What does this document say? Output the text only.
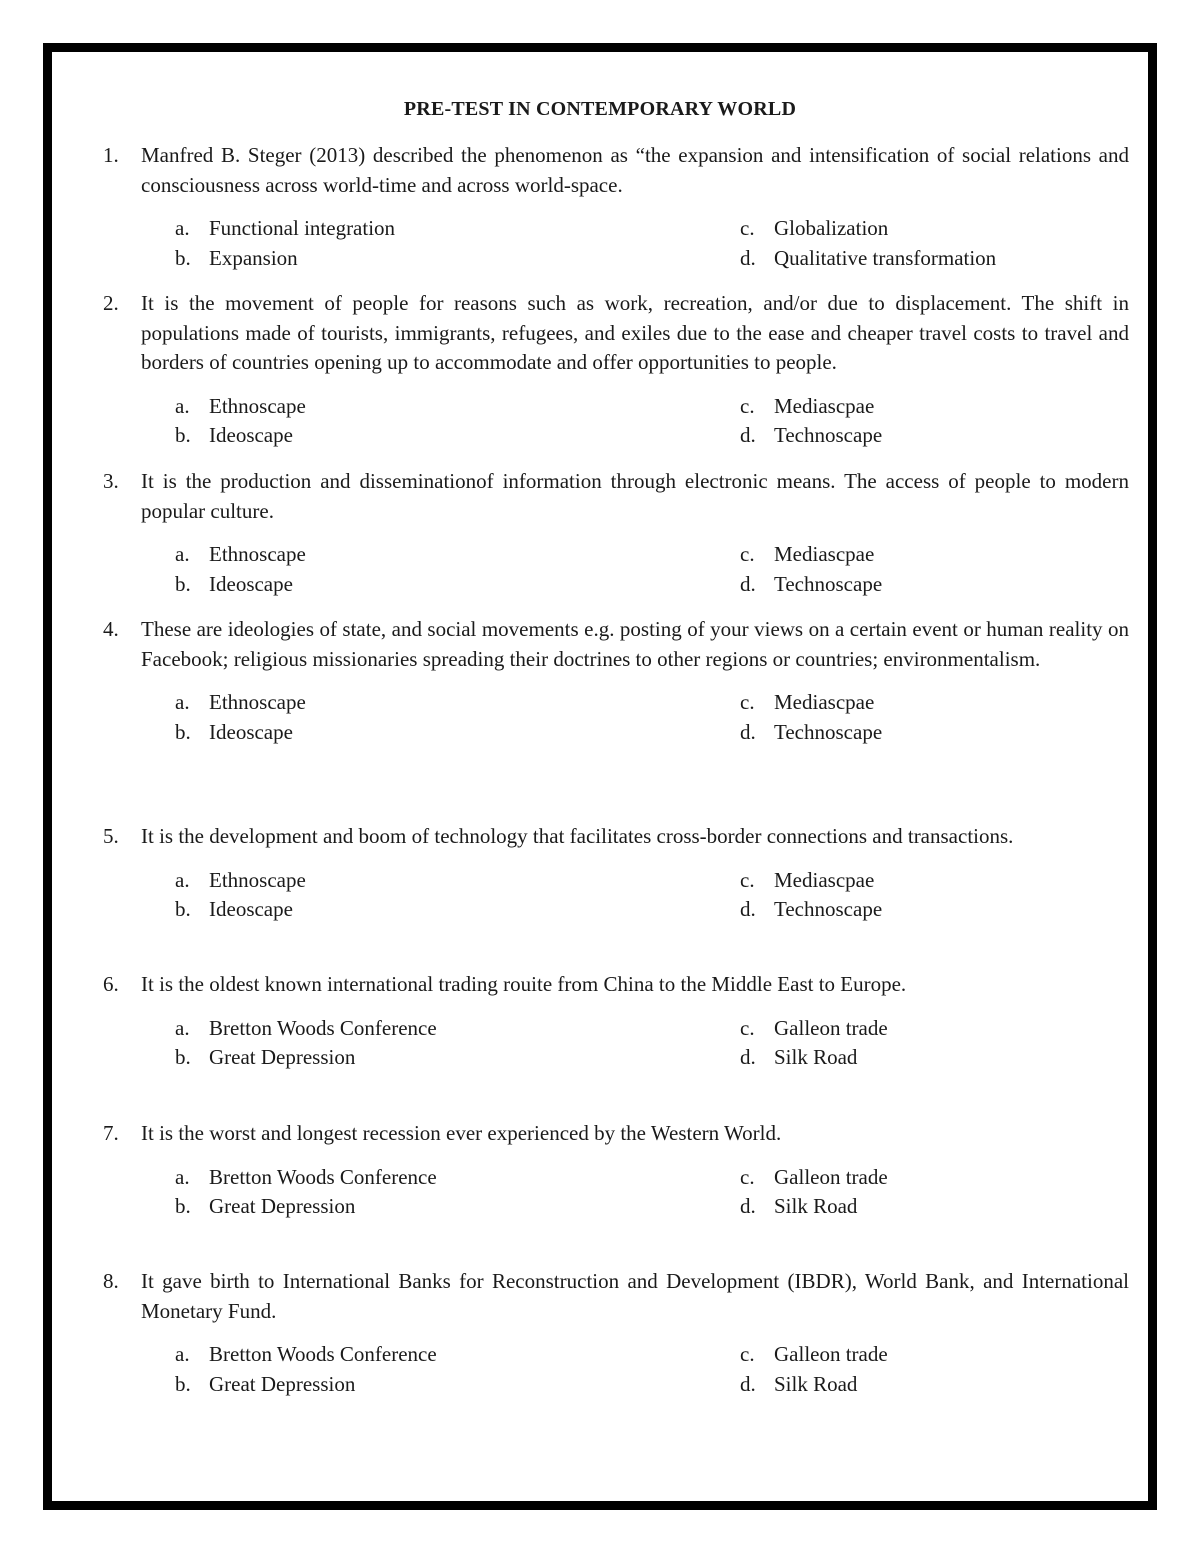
PRE-TEST IN CONTEMPORARY WORLD
1.	Manfred B. Steger (2013) described the phenomenon as “the expansion and intensification of social relations and consciousness across world-time and across world-space.
a. Functional integration
b. Expansion
c. Globalization
d. Qualitative transformation
2.	It is the movement of people for reasons such as work, recreation, and/or due to displacement. The shift in populations made of tourists, immigrants, refugees, and exiles due to the ease and cheaper travel costs to travel and borders of countries opening up to accommodate and offer opportunities to people.
a. Ethnoscape
b. Ideoscape
c. Mediascpae
d. Technoscape
3.	It is the production and disseminationof information through electronic means. The access of people to modern popular culture.
a. Ethnoscape
b. Ideoscape
c. Mediascpae
d. Technoscape
4.	These are ideologies of state, and social movements e.g. posting of your views on a certain event or human reality on Facebook; religious missionaries spreading their doctrines to other regions or countries; environmentalism.
a. Ethnoscape
b. Ideoscape
c. Mediascpae
d. Technoscape
5.	It is the development and boom of technology that facilitates cross-border connections and transactions.
a. Ethnoscape
b. Ideoscape
c. Mediascpae
d. Technoscape
6.	It is the oldest known international trading rouite from China to the Middle East to Europe.
a. Bretton Woods Conference
b. Great Depression
c. Galleon trade
d. Silk Road
7.	It is the worst and longest recession ever experienced by the Western World.
a. Bretton Woods Conference
b. Great Depression
c. Galleon trade
d. Silk Road
8.	It gave birth to International Banks for Reconstruction and Development (IBDR), World Bank, and International Monetary Fund.
a. Bretton Woods Conference
b. Great Depression
c. Galleon trade
d. Silk Road
